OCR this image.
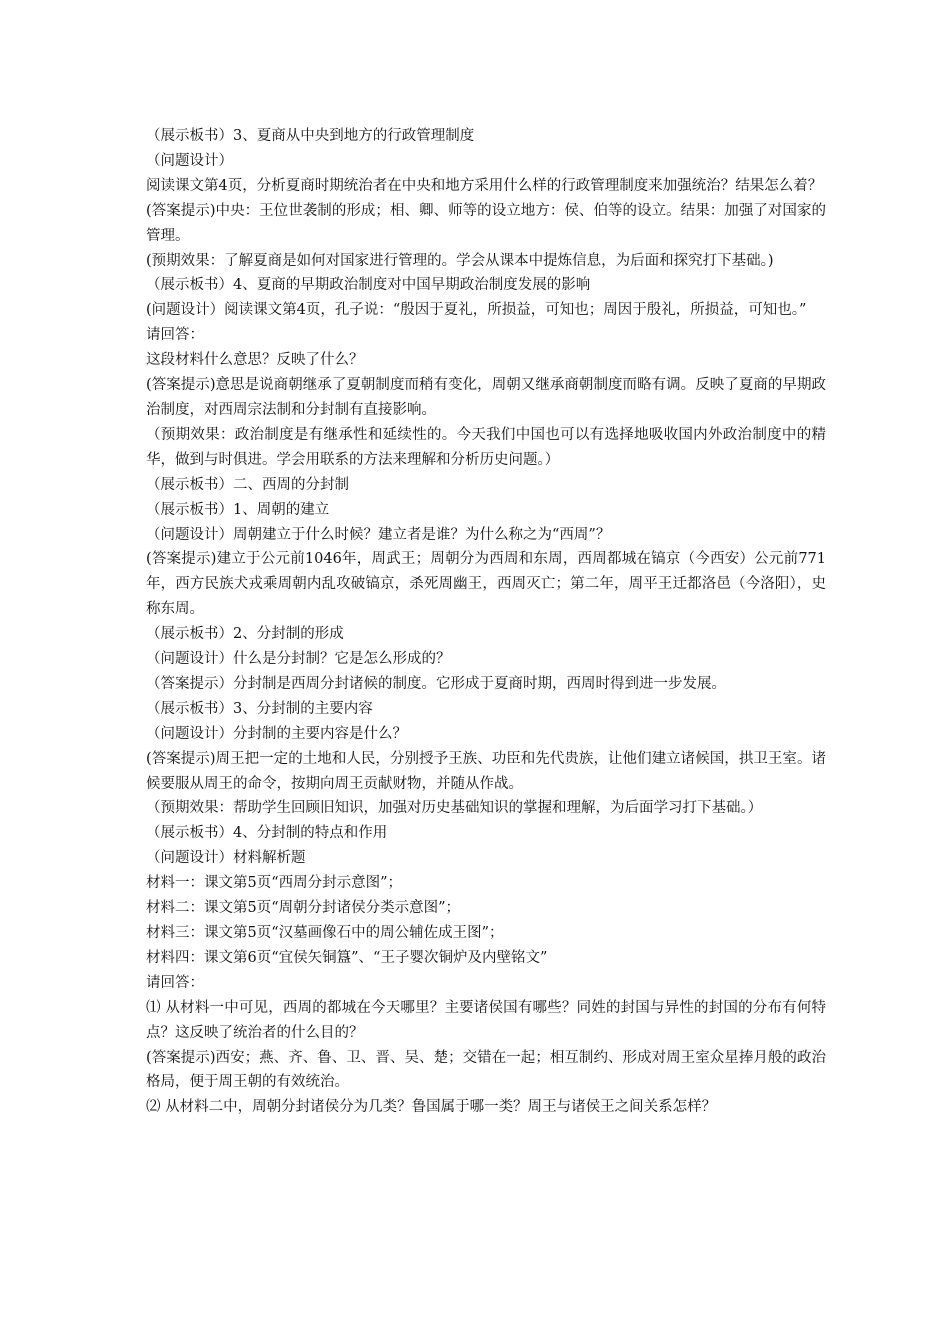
（展示板书）3、夏商从中央到地方的行政管理制度

（问题设计）

阅读课文第4页，分析夏商时期统治者在中央和地方采用什么样的行政管理制度来加强统治？结果怎么着？

(答案提示)中央：王位世袭制的形成；相、卿、师等的设立地方：侯、伯等的设立。结果：加强了对国家的管理。

(预期效果：了解夏商是如何对国家进行管理的。学会从课本中提炼信息，为后面和探究打下基础。)

（展示板书）4、夏商的早期政治制度对中国早期政治制度发展的影响

(问题设计）阅读课文第4页，孔子说：“殷因于夏礼，所损益，可知也；周因于殷礼，所损益，可知也。”

请回答：

这段材料什么意思？反映了什么？

(答案提示)意思是说商朝继承了夏朝制度而稍有变化，周朝又继承商朝制度而略有调。反映了夏商的早期政治制度，对西周宗法制和分封制有直接影响。

（预期效果：政治制度是有继承性和延续性的。今天我们中国也可以有选择地吸收国内外政治制度中的精华，做到与时俱进。学会用联系的方法来理解和分析历史问题。）

（展示板书）二、西周的分封制

（展示板书）1、周朝的建立

（问题设计）周朝建立于什么时候？建立者是谁？为什么称之为“西周”？

(答案提示)建立于公元前1046年，周武王；周朝分为西周和东周，西周都城在镐京（今西安）公元前771年，西方民族犬戎乘周朝内乱攻破镐京，杀死周幽王，西周灭亡；第二年，周平王迁都洛邑（今洛阳），史称东周。

（展示板书）2、分封制的形成

（问题设计）什么是分封制？它是怎么形成的？

（答案提示）分封制是西周分封诸候的制度。它形成于夏商时期，西周时得到进一步发展。

（展示板书）3、分封制的主要内容

（问题设计）分封制的主要内容是什么？

(答案提示)周王把一定的土地和人民，分别授予王族、功臣和先代贵族，让他们建立诸候国，拱卫王室。诸候要服从周王的命令，按期向周王贡献财物，并随从作战。

（预期效果：帮助学生回顾旧知识，加强对历史基础知识的掌握和理解，为后面学习打下基础。）

（展示板书）4、分封制的特点和作用

（问题设计）材料解析题

材料一：课文第5页“西周分封示意图”；

材料二：课文第5页“周朝分封诸侯分类示意图”；

材料三：课文第5页“汉墓画像石中的周公辅佐成王图”；

材料四：课文第6页“宜侯矢铜簋”、“王子婴次铜炉及内壁铭文”

请回答：

⑴ 从材料一中可见，西周的都城在今天哪里？主要诸侯国有哪些？同姓的封国与异性的封国的分布有何特点？这反映了统治者的什么目的？

(答案提示)西安；燕、齐、鲁、卫、晋、吴、楚；交错在一起；相互制约、形成对周王室众星捧月般的政治格局，便于周王朝的有效统治。

⑵ 从材料二中，周朝分封诸侯分为几类？鲁国属于哪一类？周王与诸侯王之间关系怎样？
